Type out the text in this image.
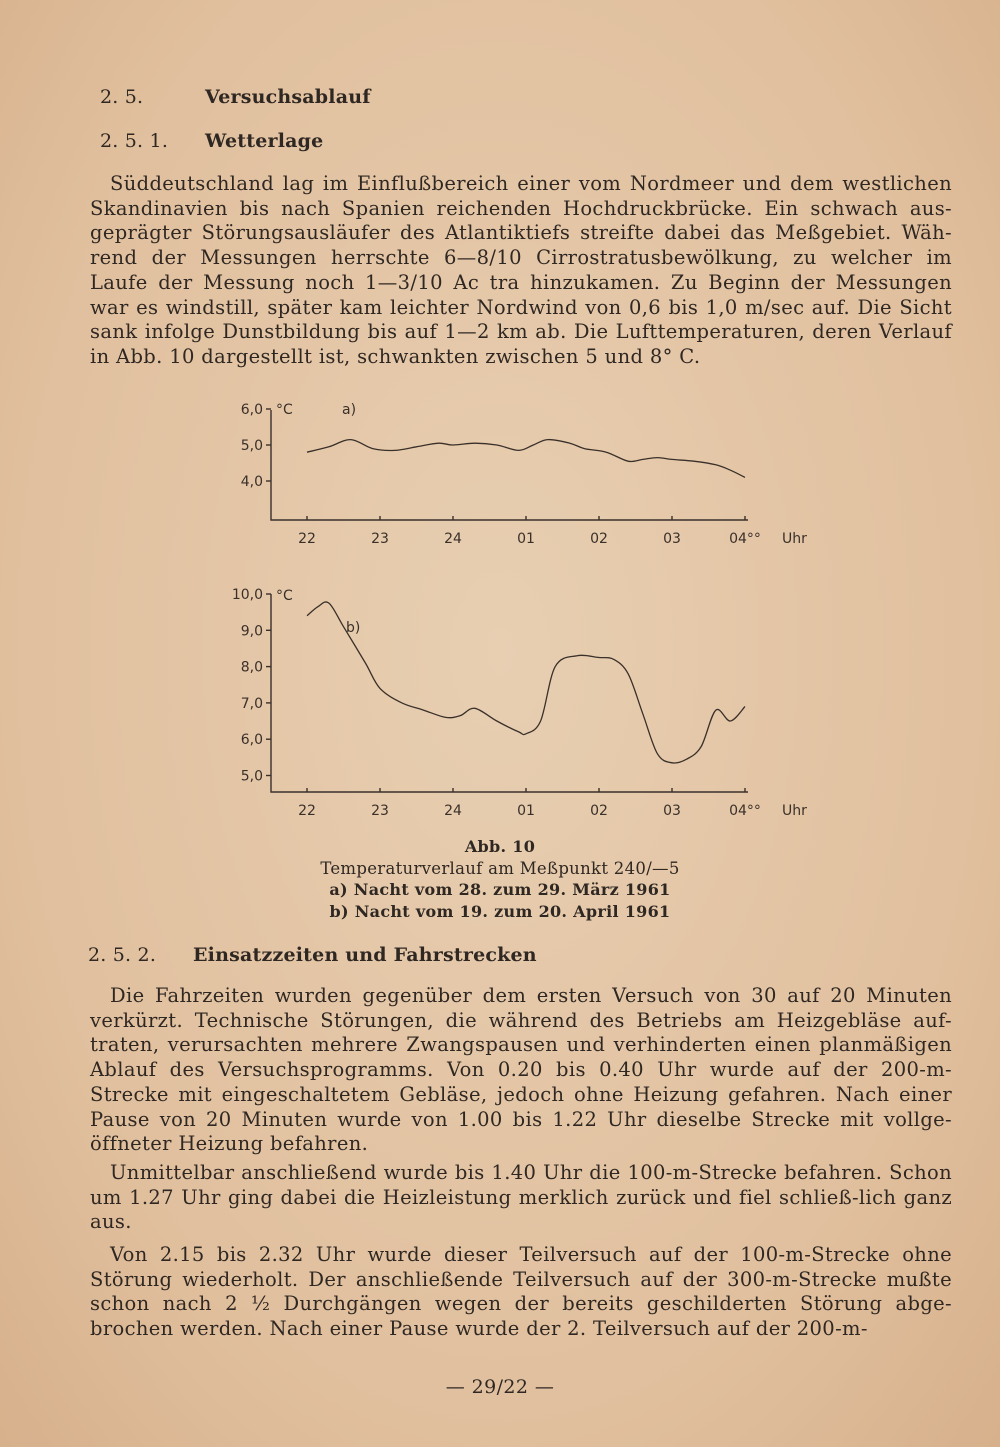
2. 5.	Versuchsablauf
2. 5. 1. Wetterlage
Süddeutschland lag im Einflußbereich einer vom Nordmeer und dem westlichen Skandinavien bis nach Spanien reichenden Hochdruckbrücke. Ein schwach aus-geprägter Störungsausläufer des Atlantiktiefs streifte dabei das Meßgebiet. Wäh-rend der Messungen herrschte 6—8/10 Cirrostratusbewölkung, zu welcher im Laufe der Messung noch 1—3/10 Ac tra hinzukamen. Zu Beginn der Messungen war es windstill, später kam leichter Nordwind von 0,6 bis 1,0 m/sec auf. Die Sicht sank infolge Dunstbildung bis auf 1—2 km ab. Die Lufttemperaturen, deren Verlauf in Abb. 10 dargestellt ist, schwankten zwischen 5 und 8° C.
°C	a)
6,0
5,0
4,0
22	23	24	01	02	03	04°° Uhr
°C
b)
10,0
9,0
8,0
7,0
6,0
5,0
22	23	24	01	02	03	04°° Uhr
Abb. 10
Temperaturverlauf am Meßpunkt 240/—5
a) Nacht vom 28. zum 29. März 1961
b) Nacht vom 19. zum 20. April 1961
2. 5. 2. Einsatzzeiten und Fahrstrecken
Die Fahrzeiten wurden gegenüber dem ersten Versuch von 30 auf 20 Minuten verkürzt. Technische Störungen, die während des Betriebs am Heizgebläse auf-traten, verursachten mehrere Zwangspausen und verhinderten einen planmäßigen Ablauf des Versuchsprogramms. Von 0.20 bis 0.40 Uhr wurde auf der 200-m-Strecke mit eingeschaltetem Gebläse, jedoch ohne Heizung gefahren. Nach einer Pause von 20 Minuten wurde von 1.00 bis 1.22 Uhr dieselbe Strecke mit vollge-öffneter Heizung befahren.
Unmittelbar anschließend wurde bis 1.40 Uhr die 100-m-Strecke befahren. Schon um 1.27 Uhr ging dabei die Heizleistung merklich zurück und fiel schließ-lich ganz aus.
Von 2.15 bis 2.32 Uhr wurde dieser Teilversuch auf der 100-m-Strecke ohne Störung wiederholt. Der anschließende Teilversuch auf der 300-m-Strecke mußte schon nach 2 ½ Durchgängen wegen der bereits geschilderten Störung abge-brochen werden. Nach einer Pause wurde der 2. Teilversuch auf der 200-m-
— 29/22 —
